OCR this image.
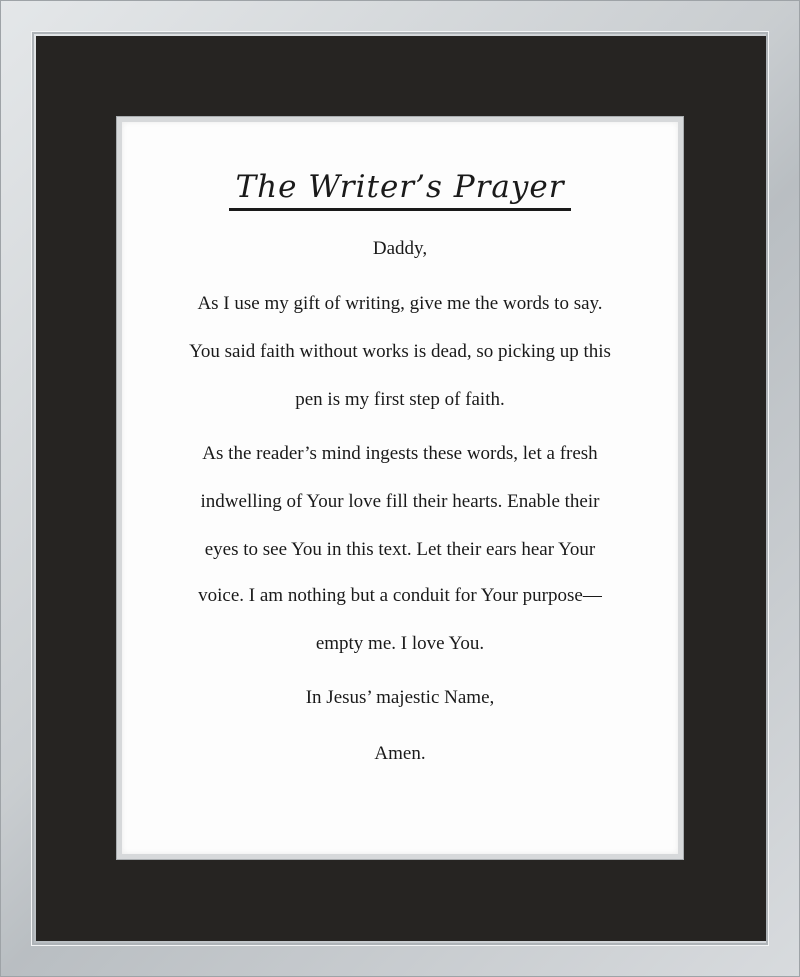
The Writer’s Prayer
Daddy,
As I use my gift of writing, give me the words to say.
You said faith without works is dead, so picking up this
pen is my first step of faith.
As the reader’s mind ingests these words, let a fresh
indwelling of Your love fill their hearts. Enable their
eyes to see You in this text. Let their ears hear Your
voice. I am nothing but a conduit for Your purpose—
empty me. I love You.
In Jesus’ majestic Name,
Amen.
